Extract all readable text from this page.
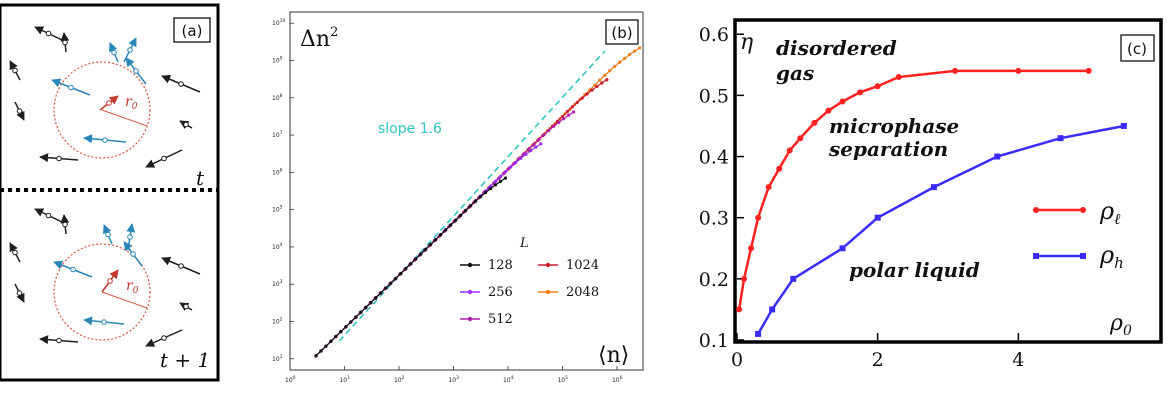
(a)
$r_0$
$r_0$
t
t + 1
(b)
$\Delta n^2$
⟨n⟩
slope 1.6
L
$10^0$	$10^1$	$10^2$	$10^3$	$10^4$	$10^5$	$10^6$
$10^1$
$10^2$
$10^3$
$10^4$
$10^5$
$10^6$
$10^7$
$10^8$
$10^9$
$10^{10}$
128
256
512
1024
2048
(c)
η
$\rho_0$
disordered
gas
microphase
separation
polar liquid
0	2	4
0.1
0.2
0.3
0.4
0.5
0.6
$\rho_\ell$
$\rho_h$
